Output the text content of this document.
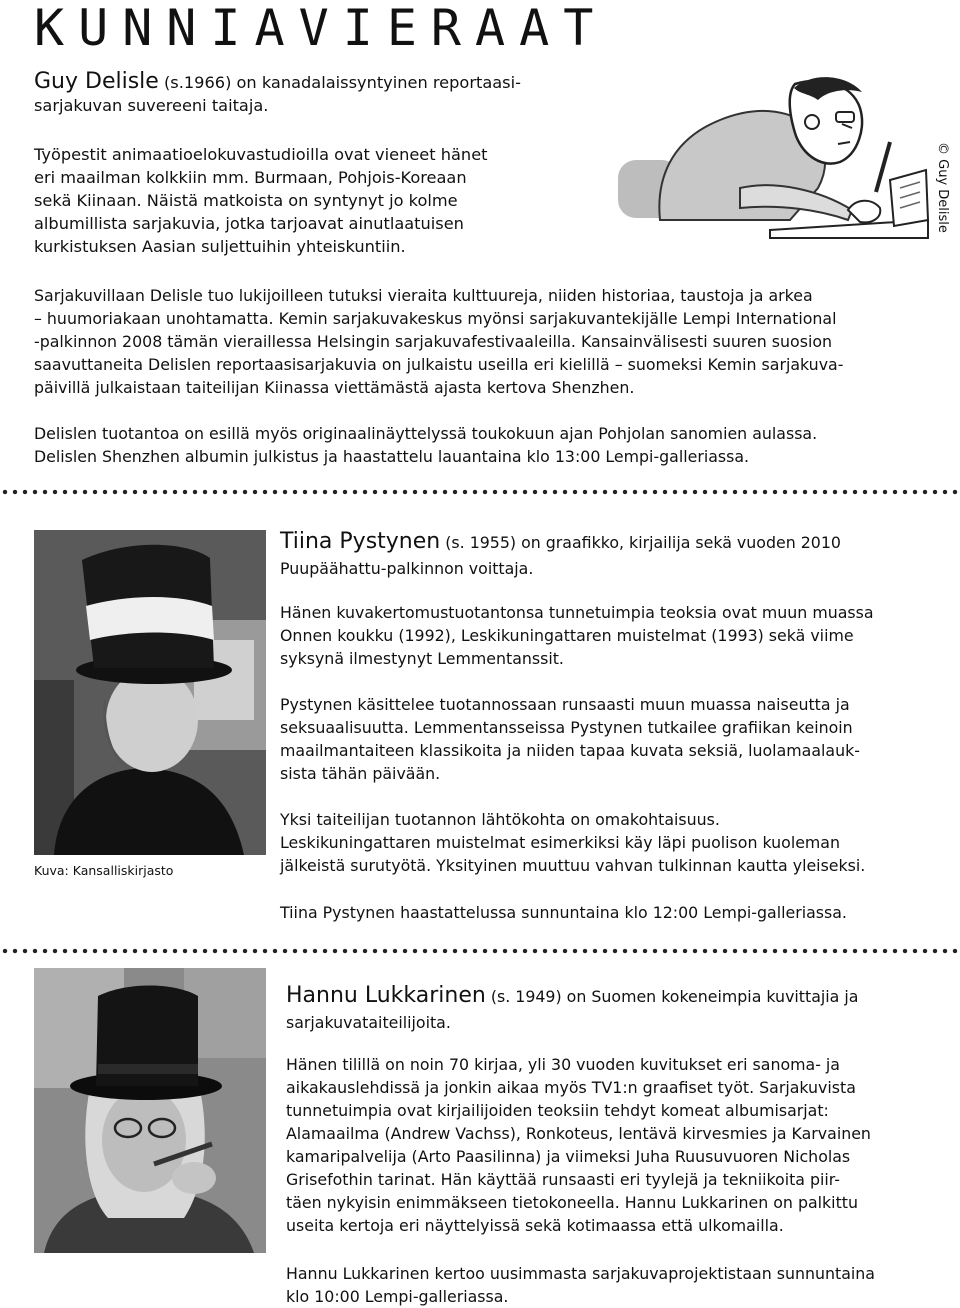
KUNNIAVIERAAT

Guy Delisle (s.1966) on kanadalaissyntyinen reportaasi-

sarjakuvan suvereeni taitaja.

Työpestit animaatioelokuvastudioilla ovat vieneet hänet

eri maailman kolkkiin mm. Burmaan, Pohjois-Koreaan

sekä Kiinaan. Näistä matkoista on syntynyt jo kolme

albumillista sarjakuvia, jotka tarjoavat ainutlaatuisen

kurkistuksen Aasian suljettuihin yhteiskuntiin.

© Guy Delisle

Sarjakuvillaan Delisle tuo lukijoilleen tutuksi vieraita kulttuureja, niiden historiaa, taustoja ja arkea

– huumoriakaan unohtamatta. Kemin sarjakuvakeskus myönsi sarjakuvantekijälle Lempi International

-palkinnon 2008 tämän vieraillessa Helsingin sarjakuvafestivaaleilla. Kansainvälisesti suuren suosion

saavuttaneita Delislen reportaasisarjakuvia on julkaistu useilla eri kielillä – suomeksi Kemin sarjakuva-

päivillä julkaistaan taiteilijan Kiinassa viettämästä ajasta kertova Shenzhen.

Delislen tuotantoa on esillä myös originaalinäyttelyssä toukokuun ajan Pohjolan sanomien aulassa.

Delislen Shenzhen albumin julkistus ja haastattelu lauantaina klo 13:00 Lempi-galleriassa.

Kuva: Kansalliskirjasto

Tiina Pystynen (s. 1955) on graafikko, kirjailija sekä vuoden 2010

Puupäähattu-palkinnon voittaja.

Hänen kuvakertomustuotantonsa tunnetuimpia teoksia ovat muun muassa

Onnen koukku (1992), Leskikuningattaren muistelmat (1993) sekä viime

syksynä ilmestynyt Lemmentanssit.

Pystynen käsittelee tuotannossaan runsaasti muun muassa naiseutta ja

seksuaalisuutta. Lemmentansseissa Pystynen tutkailee grafiikan keinoin

maailmantaiteen klassikoita ja niiden tapaa kuvata seksiä, luolamaalauk-

sista tähän päivään.

Yksi taiteilijan tuotannon lähtökohta on omakohtaisuus.

Leskikuningattaren muistelmat esimerkiksi käy läpi puolison kuoleman

jälkeistä surutyötä. Yksityinen muuttuu vahvan tulkinnan kautta yleiseksi.

Tiina Pystynen haastattelussa sunnuntaina klo 12:00 Lempi-galleriassa.

Hannu Lukkarinen (s. 1949) on Suomen kokeneimpia kuvittajia ja

sarjakuvataiteilijoita.

Hänen tilillä on noin 70 kirjaa, yli 30 vuoden kuvitukset eri sanoma- ja

aikakauslehdissä ja jonkin aikaa myös TV1:n graafiset työt. Sarjakuvista

tunnetuimpia ovat kirjailijoiden teoksiin tehdyt komeat albumisarjat:

Alamaailma (Andrew Vachss), Ronkoteus, lentävä kirvesmies ja Karvainen

kamaripalvelija (Arto Paasilinna) ja viimeksi Juha Ruusuvuoren Nicholas

Grisefothin tarinat. Hän käyttää runsaasti eri tyylejä ja tekniikoita piir-

täen nykyisin enimmäkseen tietokoneella. Hannu Lukkarinen on palkittu

useita kertoja eri näyttelyissä sekä kotimaassa että ulkomailla.

Hannu Lukkarinen kertoo uusimmasta sarjakuvaprojektistaan sunnuntaina

klo 10:00 Lempi-galleriassa.
